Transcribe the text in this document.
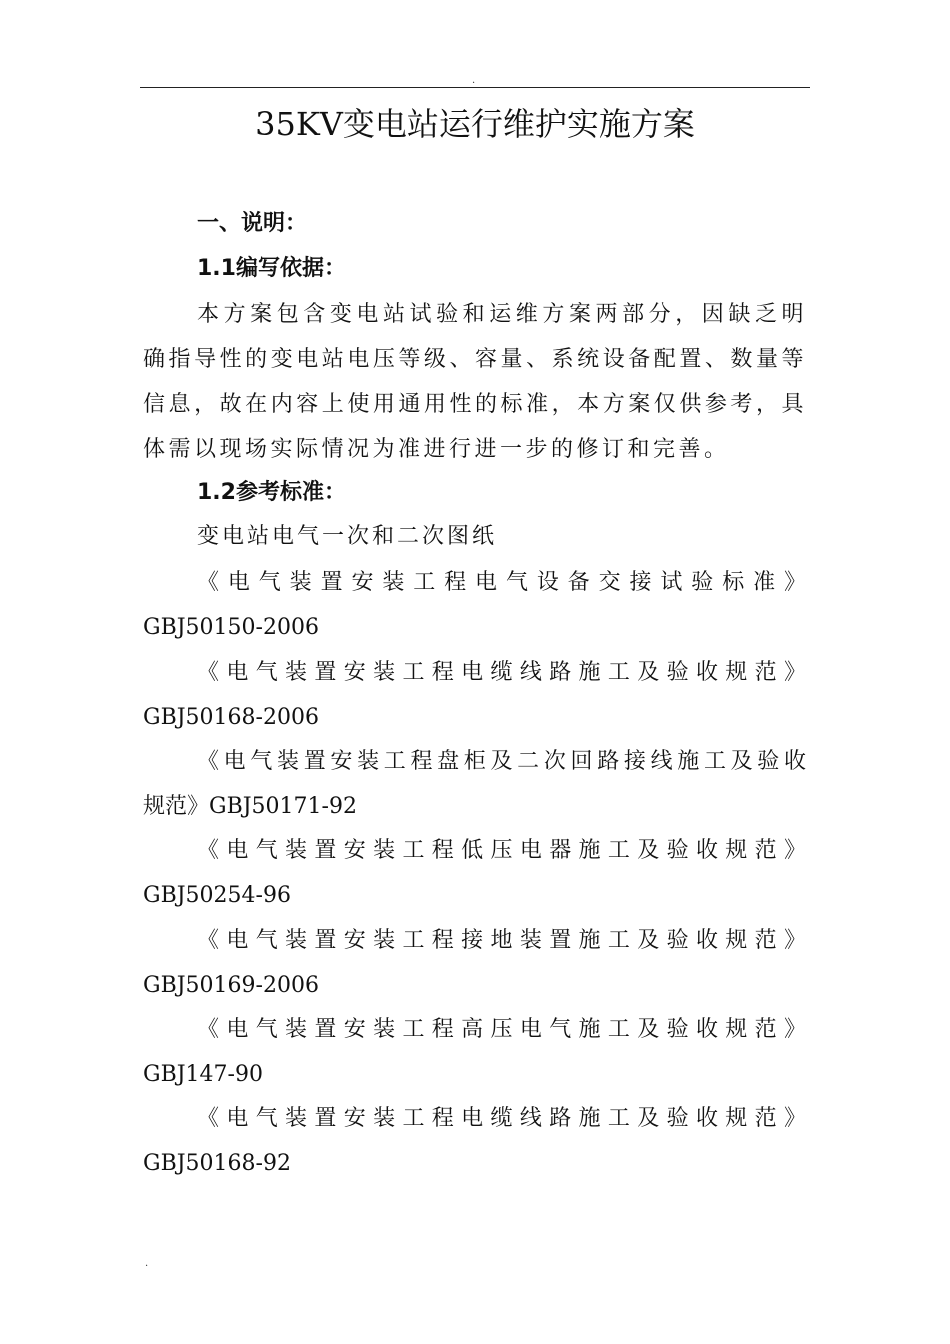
.
35KV变电站运行维护实施方案
一、说明：
1.1编写依据：
本方案包含变电站试验和运维方案两部分，因缺乏明确指导性的变电站电压等级、容量、系统设备配置、数量等信息，故在内容上使用通用性的标准，本方案仅供参考，具体需以现场实际情况为准进行进一步的修订和完善。
1.2参考标准：
变电站电气一次和二次图纸
《电气装置安装工程电气设备交接试验标准》
GBJ50150-2006
《电气装置安装工程电缆线路施工及验收规范》
GBJ50168-2006
《电气装置安装工程盘柜及二次回路接线施工及验收
规范》GBJ50171-92
《电气装置安装工程低压电器施工及验收规范》
GBJ50254-96
《电气装置安装工程接地装置施工及验收规范》
GBJ50169-2006
《电气装置安装工程高压电气施工及验收规范》
GBJ147-90
《电气装置安装工程电缆线路施工及验收规范》
GBJ50168-92
.
